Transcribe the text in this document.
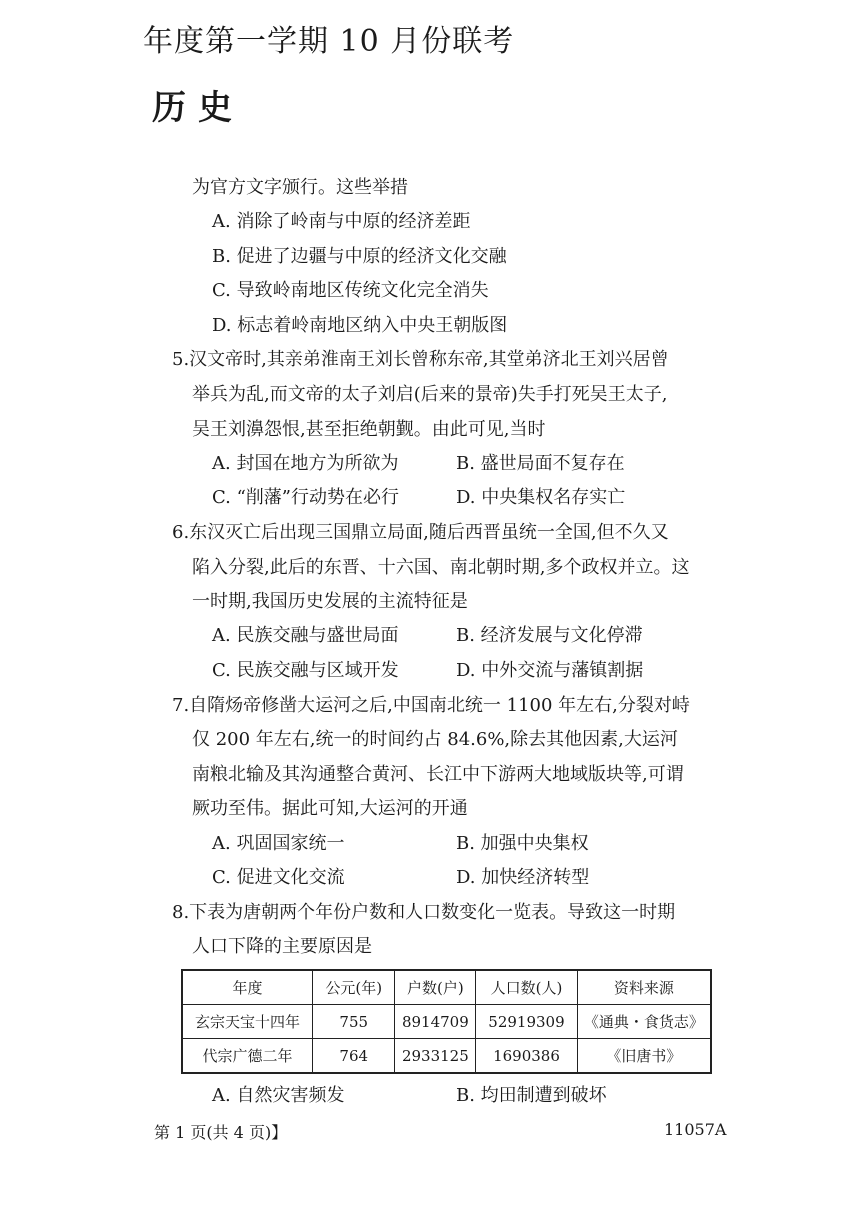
年度第一学期 10 月份联考
历史
为官方文字颁行。这些举措
A. 消除了岭南与中原的经济差距
B. 促进了边疆与中原的经济文化交融
C. 导致岭南地区传统文化完全消失
D. 标志着岭南地区纳入中央王朝版图
5.汉文帝时,其亲弟淮南王刘长曾称东帝,其堂弟济北王刘兴居曾
举兵为乱,而文帝的太子刘启(后来的景帝)失手打死吴王太子,
吴王刘濞怨恨,甚至拒绝朝觐。由此可见,当时
A. 封国在地方为所欲为	B. 盛世局面不复存在
C. “削藩”行动势在必行	D. 中央集权名存实亡
6.东汉灭亡后出现三国鼎立局面,随后西晋虽统一全国,但不久又
陷入分裂,此后的东晋、十六国、南北朝时期,多个政权并立。这
一时期,我国历史发展的主流特征是
A. 民族交融与盛世局面	B. 经济发展与文化停滞
C. 民族交融与区域开发	D. 中外交流与藩镇割据
7.自隋炀帝修凿大运河之后,中国南北统一 1100 年左右,分裂对峙
仅 200 年左右,统一的时间约占 84.6%,除去其他因素,大运河
南粮北输及其沟通整合黄河、长江中下游两大地域版块等,可谓
厥功至伟。据此可知,大运河的开通
A. 巩固国家统一	B. 加强中央集权
C. 促进文化交流	D. 加快经济转型
8.下表为唐朝两个年份户数和人口数变化一览表。导致这一时期
人口下降的主要原因是
年度	公元(年)	户数(户)	人口数(人)	资料来源
玄宗天宝十四年	755	8914709	52919309	《通典・食货志》
代宗广德二年	764	2933125	1690386	《旧唐书》
A. 自然灾害频发	B. 均田制遭到破坏
第 1 页(共 4 页)】	11057A
